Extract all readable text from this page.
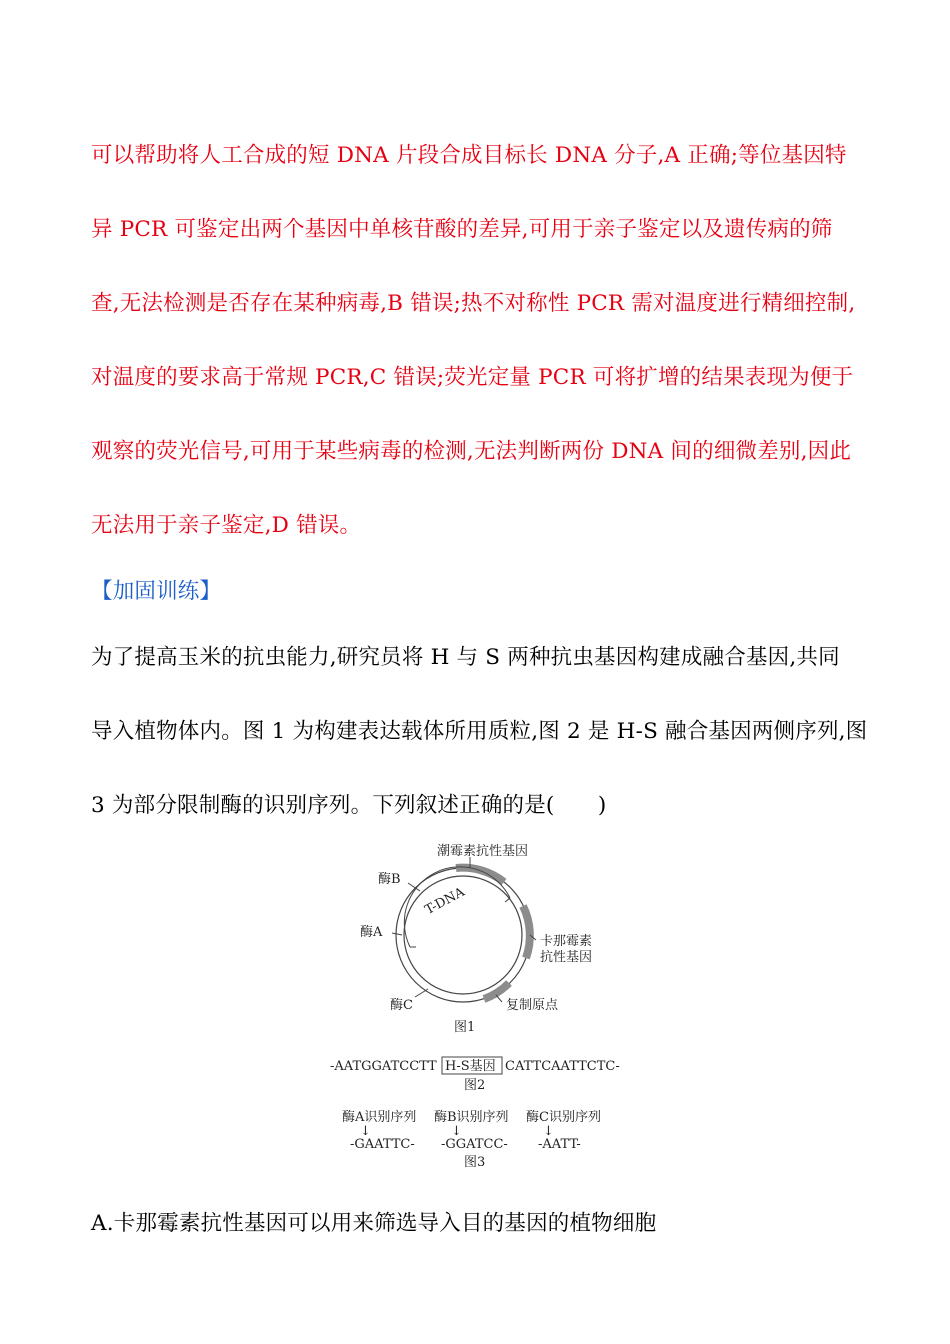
可以帮助将人工合成的短 DNA 片段合成目标长 DNA 分子,A 正确;等位基因特
异 PCR 可鉴定出两个基因中单核苷酸的差异,可用于亲子鉴定以及遗传病的筛
查,无法检测是否存在某种病毒,B 错误;热不对称性 PCR 需对温度进行精细控制,
对温度的要求高于常规 PCR,C 错误;荧光定量 PCR 可将扩增的结果表现为便于
观察的荧光信号,可用于某些病毒的检测,无法判断两份 DNA 间的细微差别,因此
无法用于亲子鉴定,D 错误。
【加固训练】
为了提高玉米的抗虫能力,研究员将 H 与 S 两种抗虫基因构建成融合基因,共同
导入植物体内。图 1 为构建表达载体所用质粒,图 2 是 H-S 融合基因两侧序列,图
3 为部分限制酶的识别序列。下列叙述正确的是(　　)
潮霉素抗性基因
酶B
T-DNA
酶A
卡那霉素
抗性基因
酶C	复制原点
图1
-AATGGATCCTT H-S基因 CATTCAATTCTC-
图2
酶A识别序列
↓
-GAATTC-
酶B识别序列
↓
-GGATCC-
酶C识别序列
↓
-AATT-
图3
A.卡那霉素抗性基因可以用来筛选导入目的基因的植物细胞
